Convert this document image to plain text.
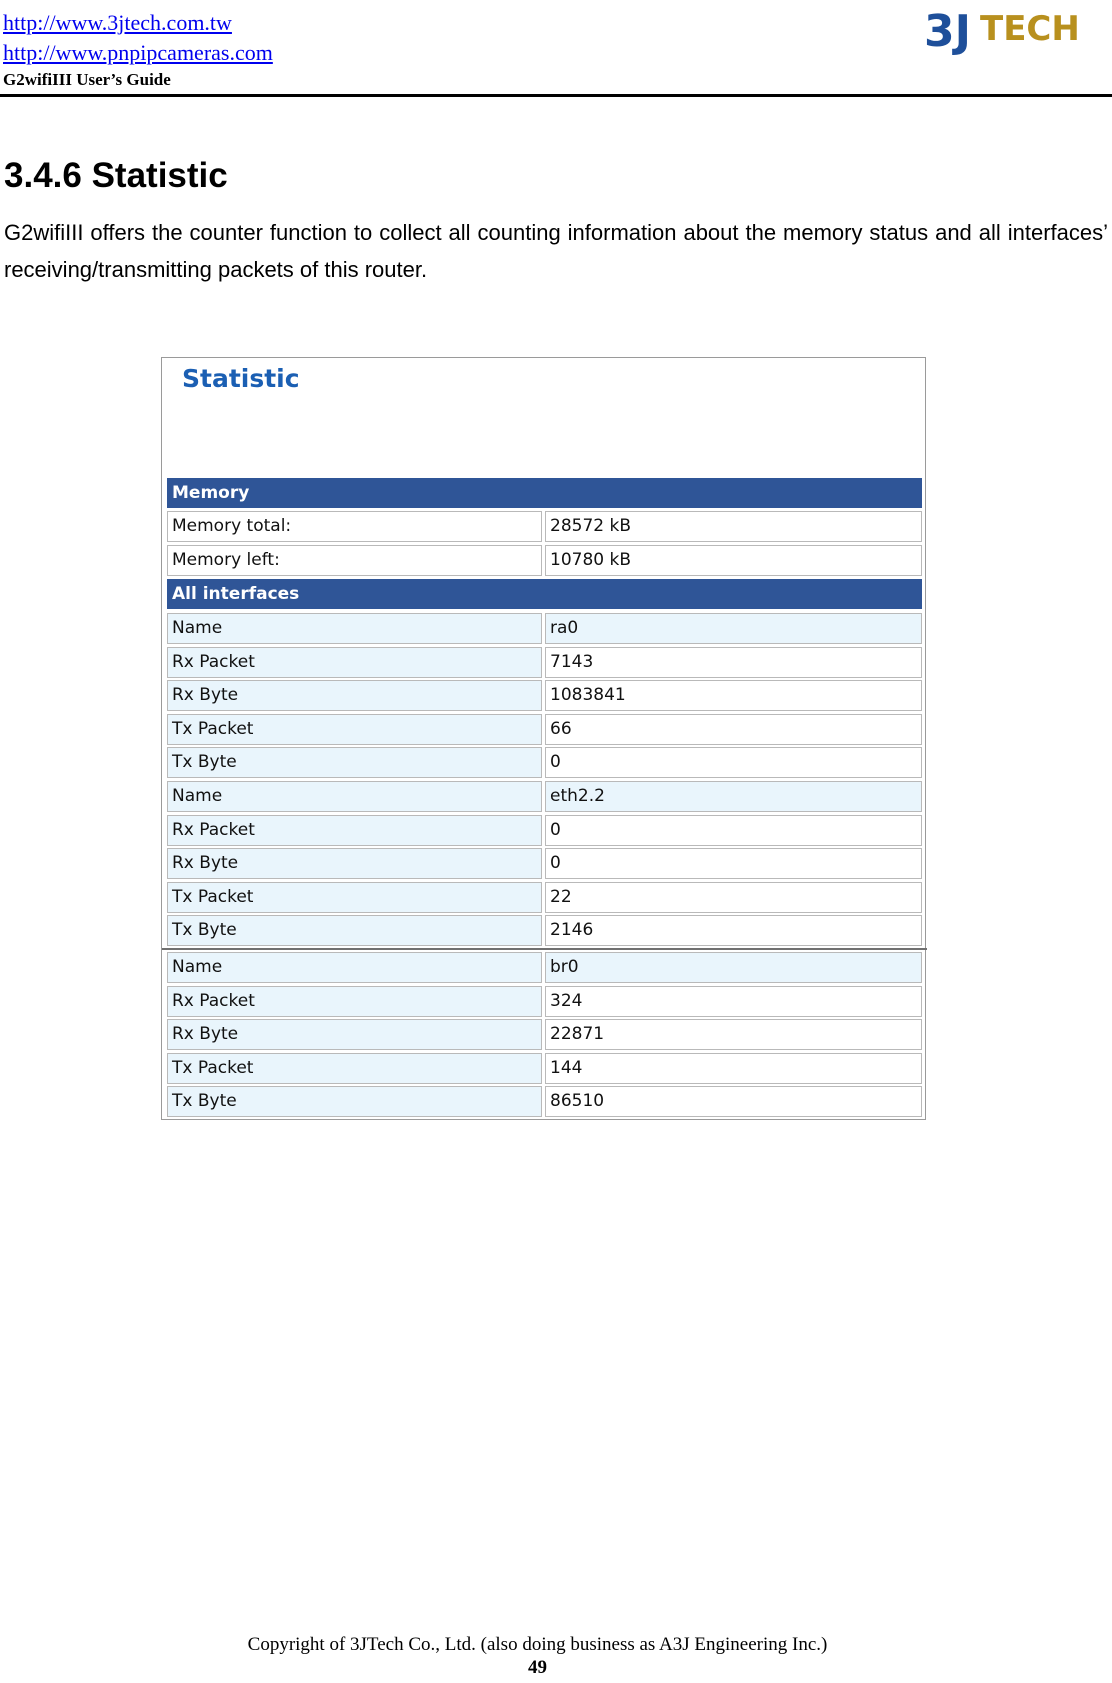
http://www.3jtech.com.tw
http://www.pnpipcameras.com
G2wifiIII User’s Guide
3J TECH
3.4.6 Statistic
G2wifiIII offers the counter function to collect all counting information about the memory status and all interfaces’ receiving/transmitting packets of this router.
Statistic
Memory
Memory total:	28572 kB
Memory left:	10780 kB
All interfaces
Name	ra0
Rx Packet	7143
Rx Byte	1083841
Tx Packet	66
Tx Byte	0
Name	eth2.2
Rx Packet	0
Rx Byte	0
Tx Packet	22
Tx Byte	2146
Name	br0
Rx Packet	324
Rx Byte	22871
Tx Packet	144
Tx Byte	86510
Copyright of 3JTech Co., Ltd. (also doing business as A3J Engineering Inc.)
49
